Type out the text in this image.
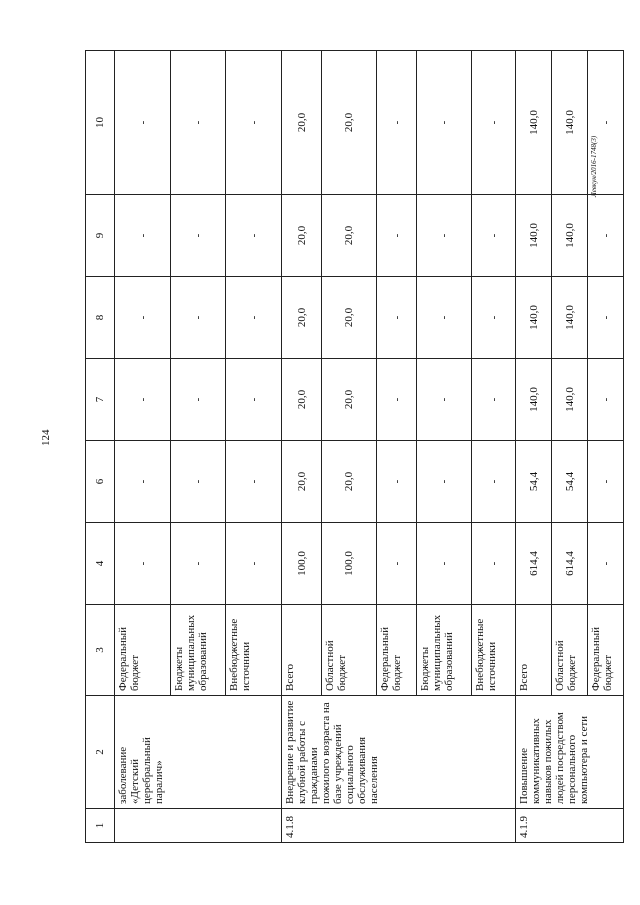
124
Левкун/2016-1748(3)
1	2	3	4	6	7	8	9	10
	заболевание «Детский церебральный паралич»	Федеральный бюджет	-	-	-	-	-	-
		Бюджеты муниципальных образований	-	-	-	-	-	-
		Внебюджетные источники	-	-	-	-	-	-
4.1.8	Внедрение и развитие клубной работы с гражданами пожилого возраста на базе учреждений социального обслуживания населения	Всего	100,0	20,0	20,0	20,0	20,0	20,0
		Областной бюджет	100,0	20,0	20,0	20,0	20,0	20,0
		Федеральный бюджет	-	-	-	-	-	-
		Бюджеты муниципальных образований	-	-	-	-	-	-
		Внебюджетные источники	-	-	-	-	-	-
4.1.9	Повышение коммуникативных навыков пожилых людей посредством персонального компьютера и сети	Всего	614,4	54,4	140,0	140,0	140,0	140,0
		Областной бюджет	614,4	54,4	140,0	140,0	140,0	140,0
		Федеральный бюджет	-	-	-	-	-	-
